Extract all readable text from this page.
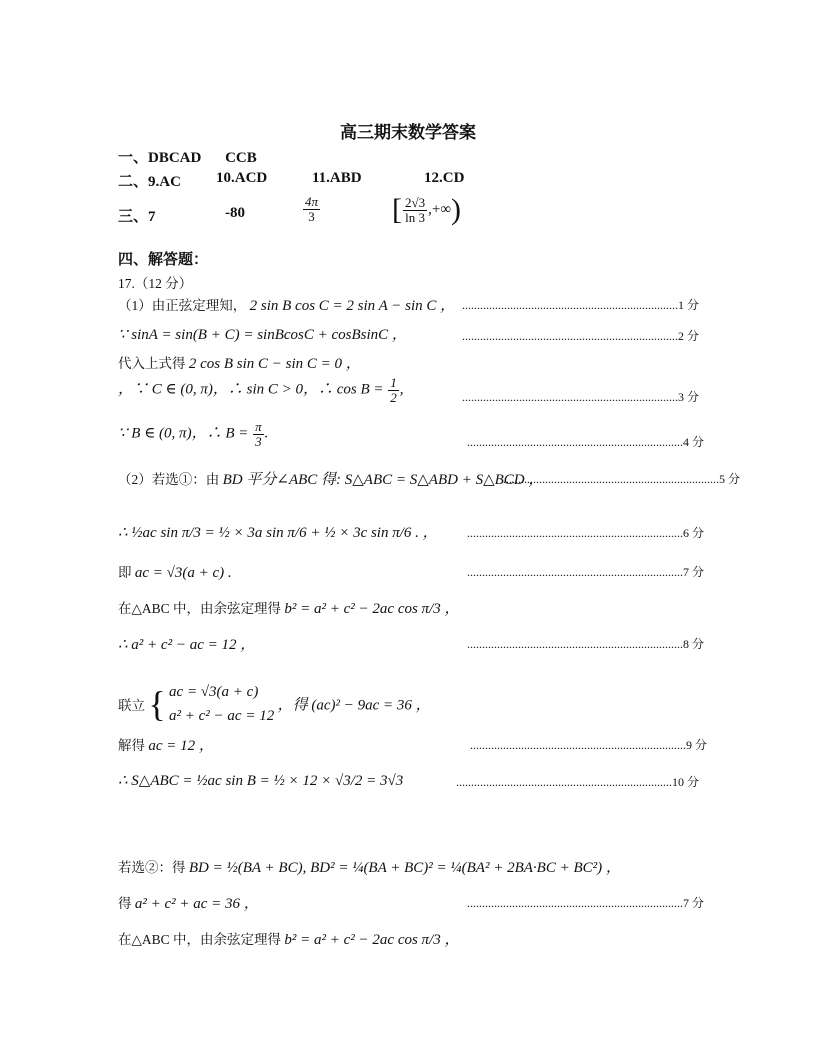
高三期末数学答案
一、DBCAD CCB
二、9.AC 10.ACD	11.ABD	12.CD
三、7	-80	$\frac{4\pi}{3}$ [ $\frac{2√3}{\ln 3}$ ,+∞)
四、解答题：
17.（12 分）
（1）由正弦定理知， 2 sin B cos C = 2 sin A − sin C ， ........................................................................1 分
∵ sinA = sin(B + C) = sinBcosC + cosBsinC ，	........................................................................2 分
代入上式得 2 cos B sin C − sin C = 0 ，
，∵ C ∈ (0, π)，∴ sin C > 0，∴ $\cos B = \frac{1}{2}$ ,	........................................................................3 分
∵ B ∈ (0, π)，∴ $B = \frac{\pi}{3}$ .
........................................................................4 分
（2）若选①：由 BD 平分∠ABC 得: S△ABC = S△ABD + S△BCD ，
........................................................................5 分
∴ ½ac sin π/3 = ½ × 3a sin π/6 + ½ × 3c sin π/6 . ， ........................................................................6 分
即 ac = √3(a + c) .	........................................................................7 分
在△ABC 中，由余弦定理得 b² = a² + c² − 2ac cos π/3 ，
∴ a² + c² − ac = 12 ，	........................................................................8 分
联立 { ac = √3(a + c)
a² + c² − ac = 12
，得 (ac)² − 9ac = 36 ，
解得 ac = 12 ，	........................................................................9 分
∴ S△ABC = ½ac sin B = ½ × 12 × √3/2 = 3√3	........................................................................10 分
若选②：得 BD = ½(BA + BC), BD² = ¼(BA + BC)² = ¼(BA² + 2BA·BC + BC²) ，
得 a² + c² + ac = 36 ，	........................................................................7 分
在△ABC 中，由余弦定理得 b² = a² + c² − 2ac cos π/3 ，
